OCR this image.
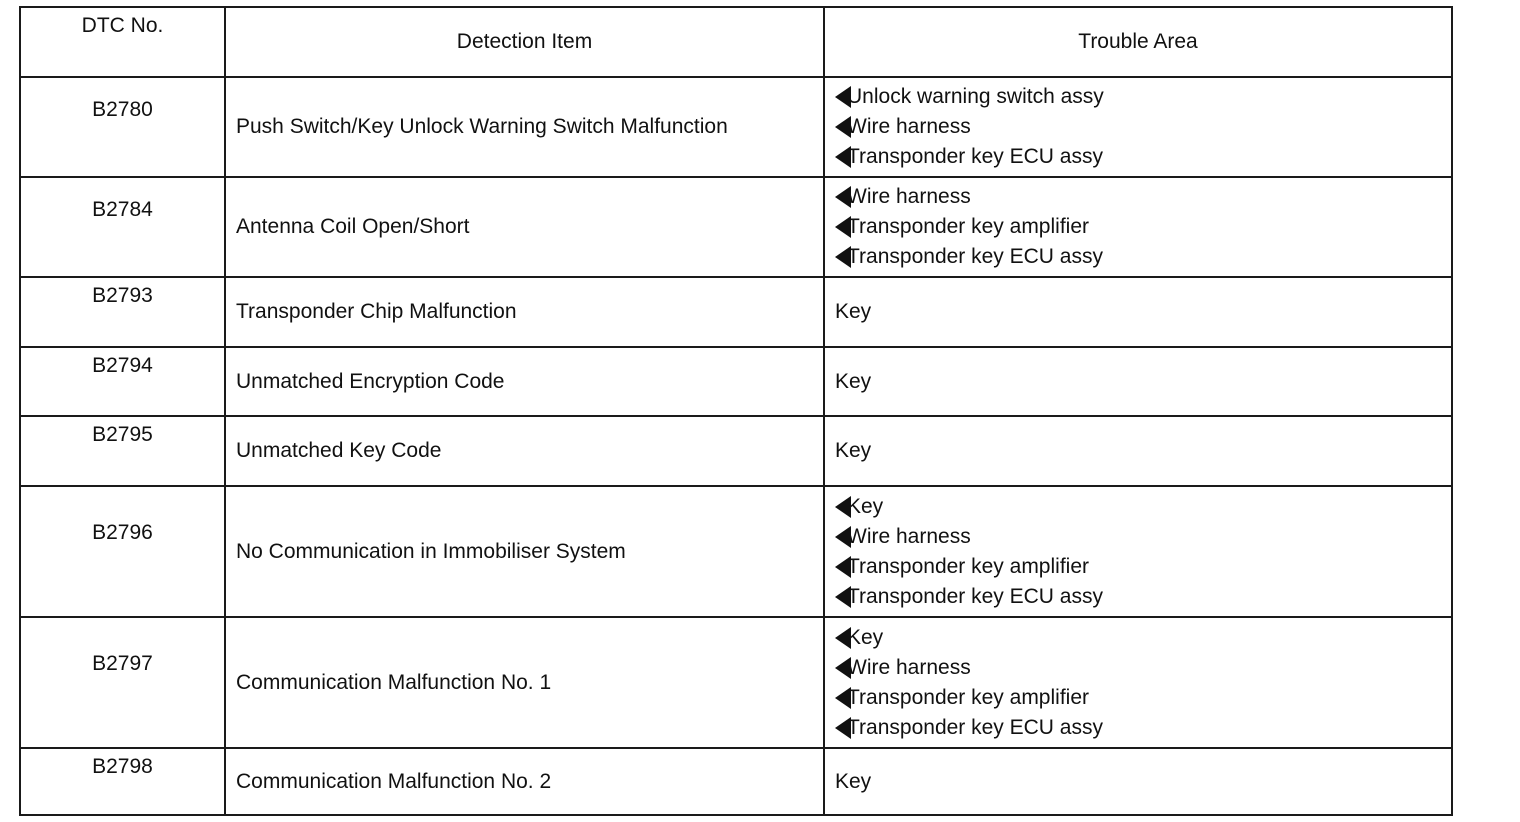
DTC No.	Detection Item	Trouble Area
B2780	Push Switch/Key Unlock Warning Switch Malfunction	Unlock warning switch assy
Wire harness
Transponder key ECU assy

B2784	Antenna Coil Open/Short	Wire harness
Transponder key amplifier
Transponder key ECU assy

B2793	Transponder Chip Malfunction	Key
B2794	Unmatched Encryption Code	Key
B2795	Unmatched Key Code	Key
B2796	No Communication in Immobiliser System	Key
Wire harness
Transponder key amplifier
Transponder key ECU assy

B2797	Communication Malfunction No. 1	Key
Wire harness
Transponder key amplifier
Transponder key ECU assy

B2798	Communication Malfunction No. 2	Key
